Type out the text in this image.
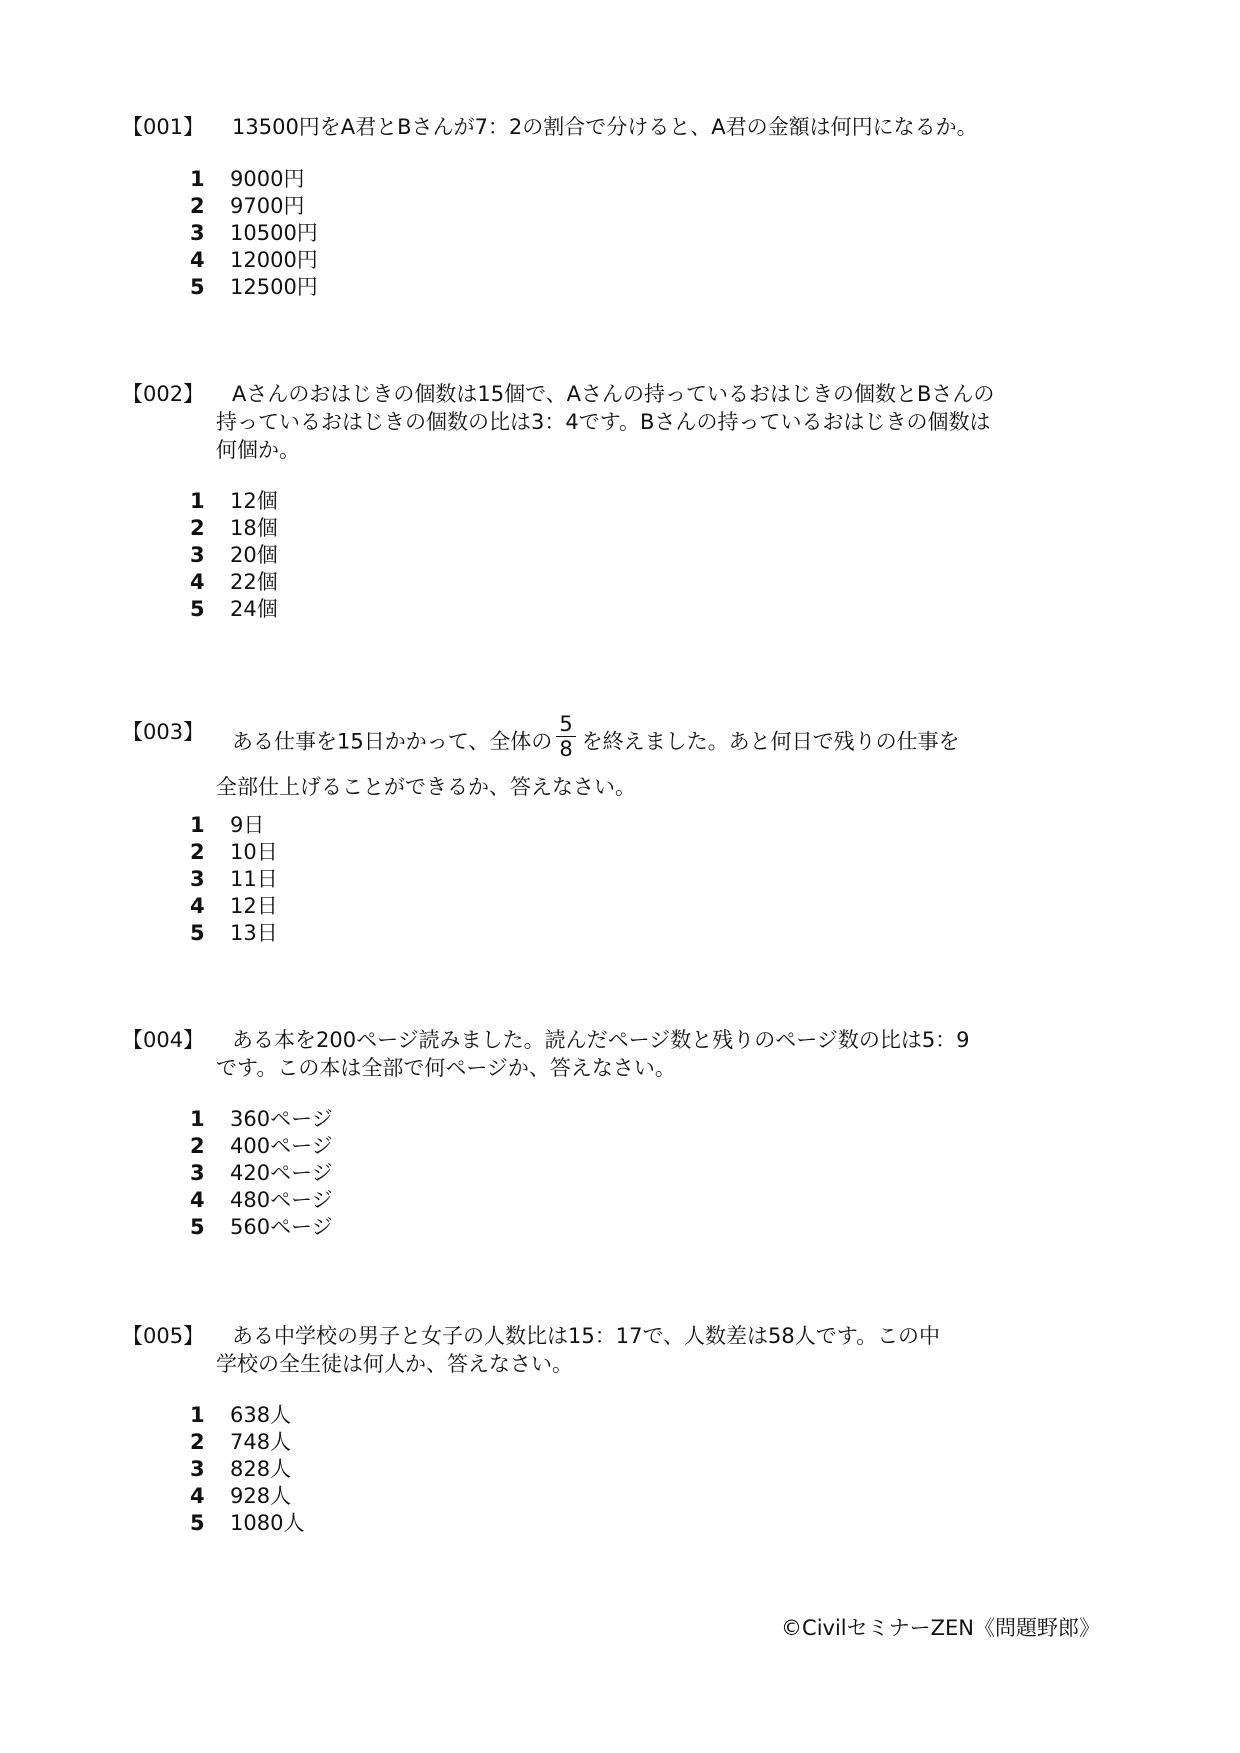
【001】	13500円をA君とBさんが7：2の割合で分けると、A君の金額は何円になるか。
1 9000円
2 9700円
3 10500円
4 12000円
5 12500円
【002】	Aさんのおはじきの個数は15個で、Aさんの持っているおはじきの個数とBさんの
持っているおはじきの個数の比は3：4です。Bさんの持っているおはじきの個数は
何個か。
1 12個
2 18個
3 20個
4 22個
5 24個
【003】	ある仕事を15日かかって、全体の $\frac{5}{8}$ を終えました。あと何日で残りの仕事を
全部仕上げることができるか、答えなさい。
1 9日
2 10日
3 11日
4 12日
5 13日
【004】	ある本を200ページ読みました。読んだページ数と残りのページ数の比は5：9
です。この本は全部で何ページか、答えなさい。
1 360ページ
2 400ページ
3 420ページ
4 480ページ
5 560ページ
【005】	ある中学校の男子と女子の人数比は15：17で、人数差は58人です。この中
学校の全生徒は何人か、答えなさい。
1 638人
2 748人
3 828人
4 928人
5 1080人
©CivilセミナーZEN《問題野郎》
